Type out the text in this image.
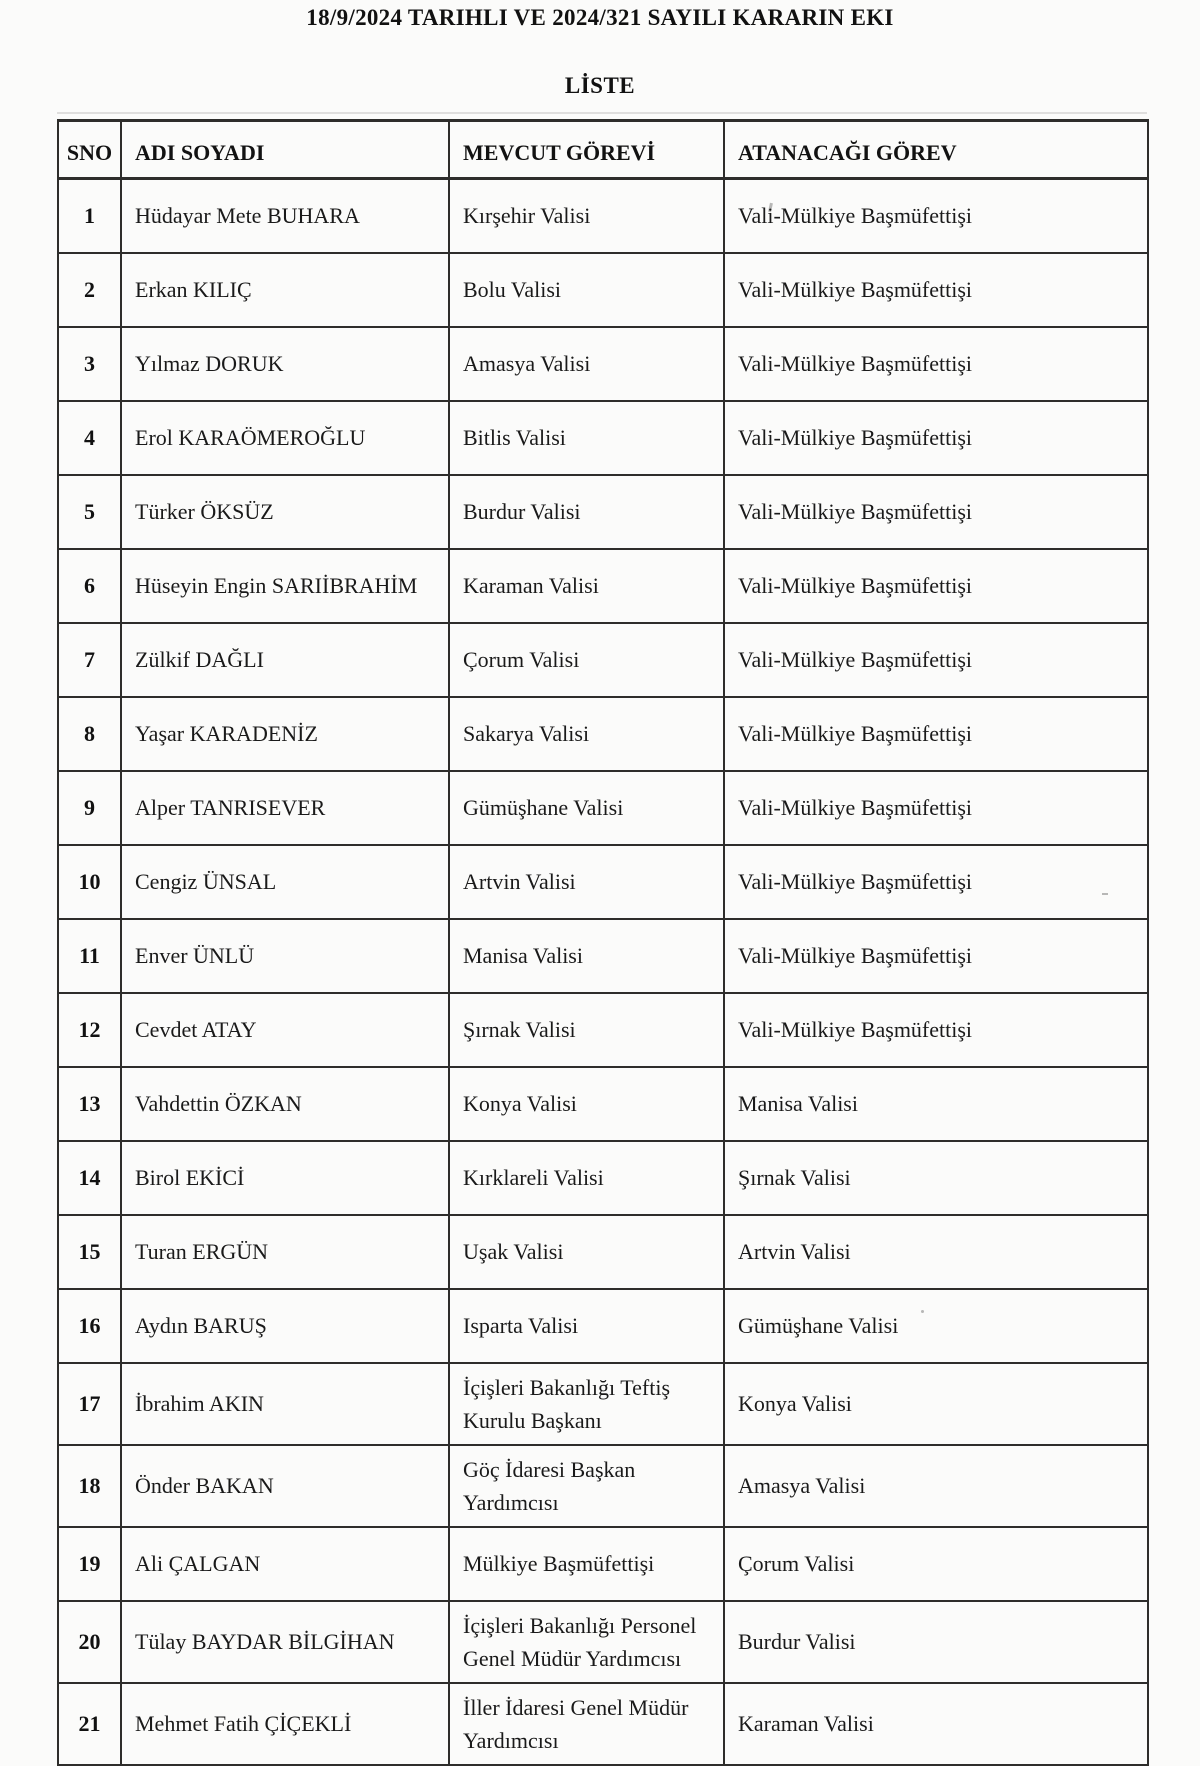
18/9/2024 TARIHLI VE 2024/321 SAYILI KARARIN EKI
LİSTE
SNO	ADI SOYADI	MEVCUT GÖREVİ	ATANACAĞI GÖREV
1	Hüdayar Mete BUHARA	Kırşehir Valisi	Vali-Mülkiye Başmüfettişi
2	Erkan KILIÇ	Bolu Valisi	Vali-Mülkiye Başmüfettişi
3	Yılmaz DORUK	Amasya Valisi	Vali-Mülkiye Başmüfettişi
4	Erol KARAÖMEROĞLU	Bitlis Valisi	Vali-Mülkiye Başmüfettişi
5	Türker ÖKSÜZ	Burdur Valisi	Vali-Mülkiye Başmüfettişi
6	Hüseyin Engin SARIİBRAHİM	Karaman Valisi	Vali-Mülkiye Başmüfettişi
7	Zülkif DAĞLI	Çorum Valisi	Vali-Mülkiye Başmüfettişi
8	Yaşar KARADENİZ	Sakarya Valisi	Vali-Mülkiye Başmüfettişi
9	Alper TANRISEVER	Gümüşhane Valisi	Vali-Mülkiye Başmüfettişi
10	Cengiz ÜNSAL	Artvin Valisi	Vali-Mülkiye Başmüfettişi
11	Enver ÜNLÜ	Manisa Valisi	Vali-Mülkiye Başmüfettişi
12	Cevdet ATAY	Şırnak Valisi	Vali-Mülkiye Başmüfettişi
13	Vahdettin ÖZKAN	Konya Valisi	Manisa Valisi
14	Birol EKİCİ	Kırklareli Valisi	Şırnak Valisi
15	Turan ERGÜN	Uşak Valisi	Artvin Valisi
16	Aydın BARUŞ	Isparta Valisi	Gümüşhane Valisi
17	İbrahim AKIN	İçişleri Bakanlığı Teftiş Kurulu Başkanı	Konya Valisi
18	Önder BAKAN	Göç İdaresi Başkan Yardımcısı	Amasya Valisi
19	Ali ÇALGAN	Mülkiye Başmüfettişi	Çorum Valisi
20	Tülay BAYDAR BİLGİHAN	İçişleri Bakanlığı Personel Genel Müdür Yardımcısı	Burdur Valisi
21	Mehmet Fatih ÇİÇEKLİ	İller İdaresi Genel Müdür Yardımcısı	Karaman Valisi
